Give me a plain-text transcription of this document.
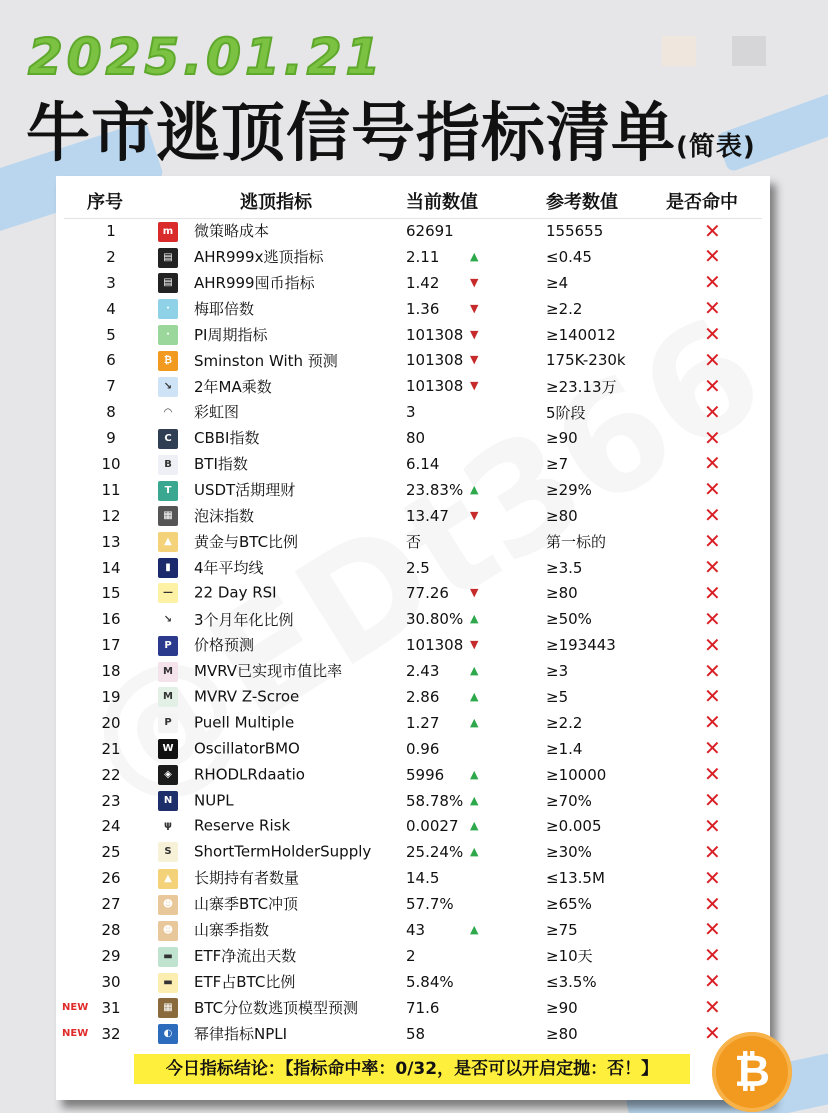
2025.01.21
牛市逃顶信号指标清单(简表)
序号	逃顶指标	当前数值	参考数值	是否命中
1	m 微策略成本	62691	155655	✕
2	▤ AHR999x逃顶指标	2.11 ▲	≤0.45	✕
3	▤ AHR999囤币指标	1.42 ▼	≥4	✕
4	· 梅耶倍数	1.36 ▼	≥2.2	✕
5	· PI周期指标	101308 ▼	≥140012	✕
6	₿ Sminston With 预测	101308 ▼	175K-230k	✕
7	↘ 2年MA乘数	101308 ▼	≥23.13万	✕
8	◠ 彩虹图	3	5阶段	✕
9	C CBBI指数	80	≥90	✕
10	B BTI指数	6.14	≥7	✕
11	T USDT活期理财	23.83% ▲	≥29%	✕
12	▦ 泡沫指数	13.47 ▼	≥80	✕
13	▲ 黄金与BTC比例	否	第一标的	✕
14	▮ 4年平均线	2.5	≥3.5	✕
15	— 22 Day RSI	77.26 ▼	≥80	✕
16	↘ 3个月年化比例	30.80% ▲	≥50%	✕
17	P 价格预测	101308 ▼	≥193443	✕
18	M MVRV已实现市值比率	2.43 ▲	≥3	✕
19	M MVRV Z-Scroe	2.86 ▲	≥5	✕
20	P Puell Multiple	1.27 ▲	≥2.2	✕
21	W OscillatorBMO	0.96	≥1.4	✕
22	◈ RHODLRdaatio	5996 ▲	≥10000	✕
23	N NUPL	58.78% ▲	≥70%	✕
24	ψ Reserve Risk	0.0027 ▲	≥0.005	✕
25	S ShortTermHolderSupply	25.24% ▲	≥30%	✕
26	▲ 长期持有者数量	14.5	≤13.5M	✕
27	☻ 山寨季BTC冲顶	57.7%	≥65%	✕
28	☻ 山寨季指数	43 ▲	≥75	✕
29	▬ ETF净流出天数	2	≥10天	✕
30	▬ ETF占BTC比例	5.84%	≤3.5%	✕

NEW 31	▦ BTC分位数逃顶模型预测	71.6	≥90	✕

NEW 32	◐ 幂律指标NPLI	58	≥80	✕
今日指标结论：【指标命中率：0/32，是否可以开启定抛：否！】	₿
